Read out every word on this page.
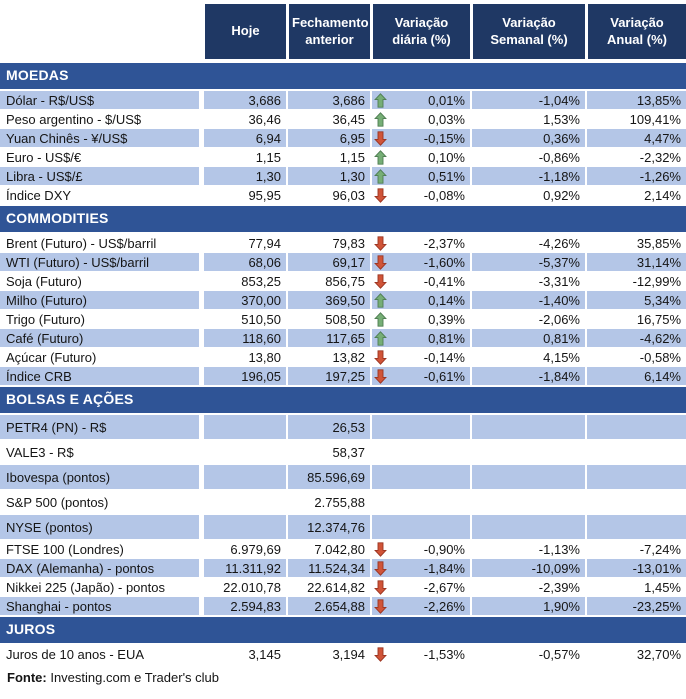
	Hoje	Fechamento anterior	Variação diária (%)	Variação Semanal (%)	Variação Anual (%)
MOEDAS					
Dólar - R$/US$	3,686	3,686	0,01%	-1,04%	13,85%
Peso argentino - $/US$	36,46	36,45	0,03%	1,53%	109,41%
Yuan Chinês - ¥/US$	6,94	6,95	-0,15%	0,36%	4,47%
Euro - US$/€	1,15	1,15	0,10%	-0,86%	-2,32%
Libra - US$/£	1,30	1,30	0,51%	-1,18%	-1,26%
Índice DXY	95,95	96,03	-0,08%	0,92%	2,14%
COMMODITIES					
Brent (Futuro) - US$/barril	77,94	79,83	-2,37%	-4,26%	35,85%
WTI (Futuro) - US$/barril	68,06	69,17	-1,60%	-5,37%	31,14%
Soja (Futuro)	853,25	856,75	-0,41%	-3,31%	-12,99%
Milho (Futuro)	370,00	369,50	0,14%	-1,40%	5,34%
Trigo (Futuro)	510,50	508,50	0,39%	-2,06%	16,75%
Café (Futuro)	118,60	117,65	0,81%	0,81%	-4,62%
Açúcar (Futuro)	13,80	13,82	-0,14%	4,15%	-0,58%
Índice CRB	196,05	197,25	-0,61%	-1,84%	6,14%
BOLSAS E AÇÕES					
PETR4 (PN) - R$		26,53	

VALE3 - R$		58,37	

Ibovespa (pontos)		85.596,69	

S&P 500 (pontos)		2.755,88	

NYSE (pontos)		12.374,76	

FTSE 100 (Londres)	6.979,69	7.042,80	-0,90%	-1,13%	-7,24%
DAX (Alemanha) - pontos	11.311,92	11.524,34	-1,84%	-10,09%	-13,01%
Nikkei 225 (Japão) - pontos	22.010,78	22.614,82	-2,67%	-2,39%	1,45%
Shanghai - pontos	2.594,83	2.654,88	-2,26%	1,90%	-23,25%
JUROS					
Juros de 10 anos - EUA	3,145	3,194	-1,53%	-0,57%	32,70%
Fonte: Investing.com e Trader's club
